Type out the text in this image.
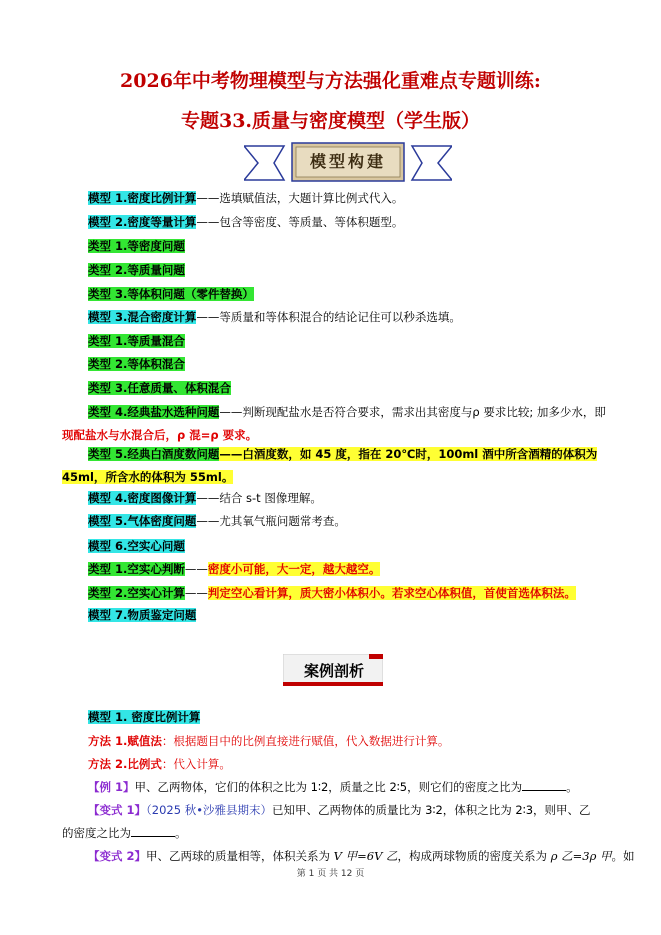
2026年中考物理模型与方法强化重难点专题训练:
专题33.质量与密度模型（学生版）
模型构建
模型 1.密度比例计算——选填赋值法，大题计算比例式代入。
模型 2.密度等量计算——包含等密度、等质量、等体积题型。
类型 1.等密度问题
类型 2.等质量问题
类型 3.等体积问题（零件替换）
模型 3.混合密度计算——等质量和等体积混合的结论记住可以秒杀选填。
类型 1.等质量混合
类型 2.等体积混合
类型 3.任意质量、体积混合
类型 4.经典盐水选种问题——判断现配盐水是否符合要求，需求出其密度与ρ 要求比较; 加多少水，即
现配盐水与水混合后，ρ 混=ρ 要求。
类型 5.经典白酒度数问题——白酒度数，如 45 度，指在 20℃时，100ml 酒中所含酒精的体积为
45ml，所含水的体积为 55ml。
模型 4.密度图像计算——结合 s-t 图像理解。
模型 5.气体密度问题——尤其氧气瓶问题常考查。
模型 6.空实心问题
类型 1.空实心判断——密度小可能，大一定，越大越空。
类型 2.空实心计算——判定空心看计算，质大密小体积小。若求空心体积值，首使首选体积法。
模型 7.物质鉴定问题
案例剖析
模型 1. 密度比例计算
方法 1.赋值法：根据题目中的比例直接进行赋值，代入数据进行计算。
方法 2.比例式：代入计算。
【例 1】甲、乙两物体，它们的体积之比为 1∶2，质量之比 2∶5，则它们的密度之比为	。
【变式 1】（2025 秋•沙雅县期末）已知甲、乙两物体的质量比为 3∶2，体积之比为 2∶3，则甲、乙
的密度之比为	。
【变式 2】甲、乙两球的质量相等，体积关系为 V 甲=6V 乙，构成两球物质的密度关系为 ρ 乙=3ρ 甲。如
第 1 页 共 12 页
